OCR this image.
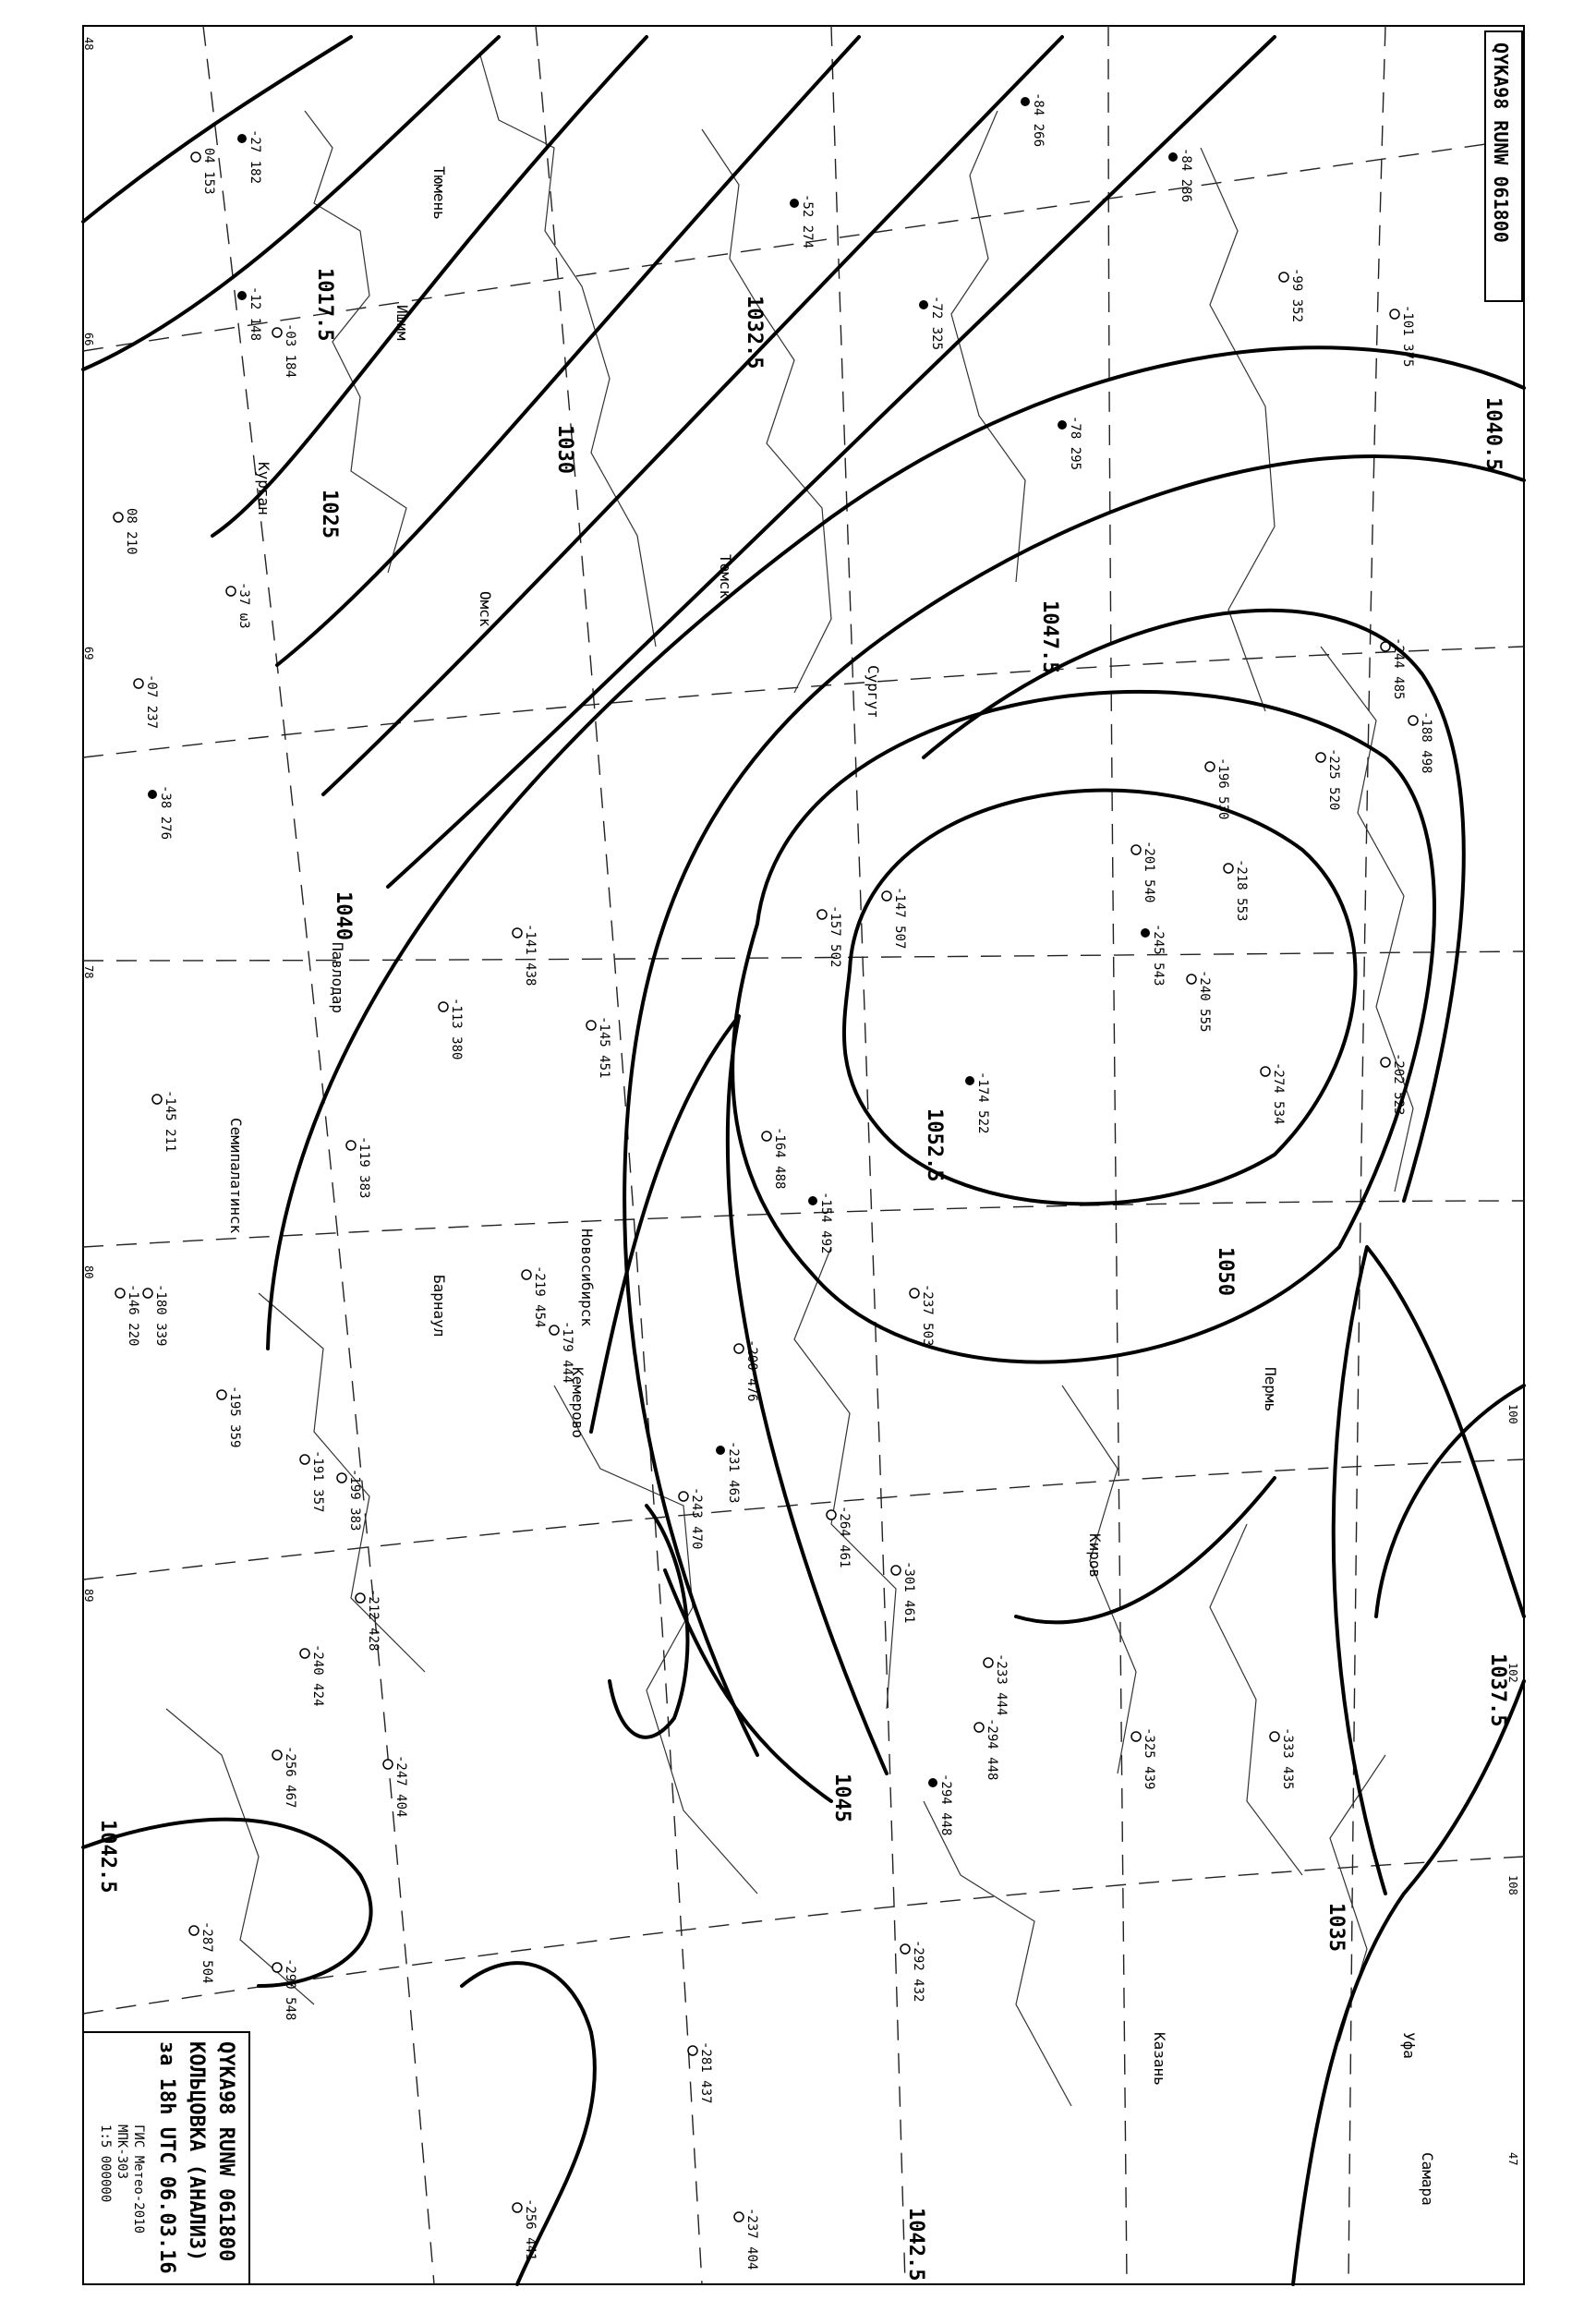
1017.5
1025
1030
1032.5
1040
1042.5
1045
1047.5
1050
1052.5
1040.5
1037.5
1035
1042.5
-27 182
04 153
-12 148
-03 184
08 210
-37 ω3
-07 237
-38 276
-84 266
-84 286
-72 325
-52 274
-78 295
-99 352
-101 375
-244 485
-188 498
-225 520
-196 530
-201 540	-218 553
-245 543
-240 555
-274 534	-202 523
-157 502	-147 507
-174 522
-154 492
-164 488
-237 503
-200 476
-243 470
-231 463
-264 461
-301 461
-233 444
-294 448
-325 439	-333 435
-179 444
-141 438
-145 451
-113 380
-119 383
-180 339
-195 359
-146 220
-145 211
-191 357 -199 383
-212 428
-256 467
-290 548
-287 504
-240 424
-256 441
-247 404
-237 404
-281 437
-292 432
-294 448
-219 454 Новосибирск
Барнаул
Павлодар
Семипалатинск
Омск
Томск
Кемерово
Ишим
Курган
Тюмень
Сургут
Уфа
Казань
Пермь
Киров
Самара
48
66
69
78
80
89
100
102
108
47
QYKA98 RUNW 061800
QYKA98 RUNW 061800
КОЛЬЦОВКА (АНАЛИЗ)
за 18h UTC 06.03.16
ГИС Метео-2010
МПК-303
1:5 000000
